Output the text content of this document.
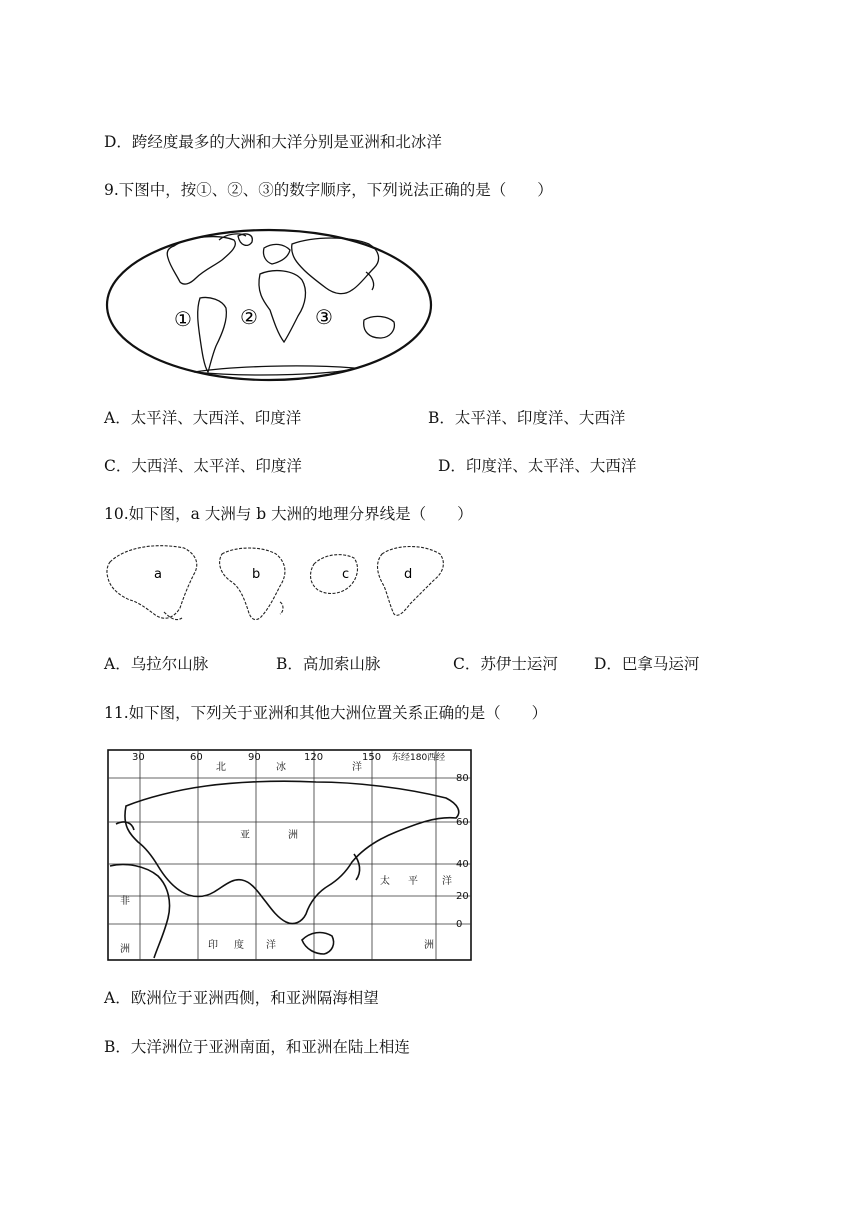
D．跨经度最多的大洲和大洋分别是亚洲和北冰洋
9.下图中，按①、②、③的数字顺序，下列说法正确的是（　　）
① ②	③
A．太平洋、大西洋、印度洋	B．太平洋、印度洋、大西洋
C．大西洋、太平洋、印度洋	D．印度洋、太平洋、大西洋
10.如下图，a 大洲与 b 大洲的地理分界线是（　　）
a	b	c	d
A．乌拉尔山脉	B．高加索山脉	C．苏伊士运河 D．巴拿马运河
11.如下图，下列关于亚洲和其他大洲位置关系正确的是（　　）
30	60	90	120	150 东经180西经
80
60
40
20
0
北	冰	洋
亚	洲
太 平 洋
非
洲	印 度 洋	洲
A．欧洲位于亚洲西侧，和亚洲隔海相望
B．大洋洲位于亚洲南面，和亚洲在陆上相连
